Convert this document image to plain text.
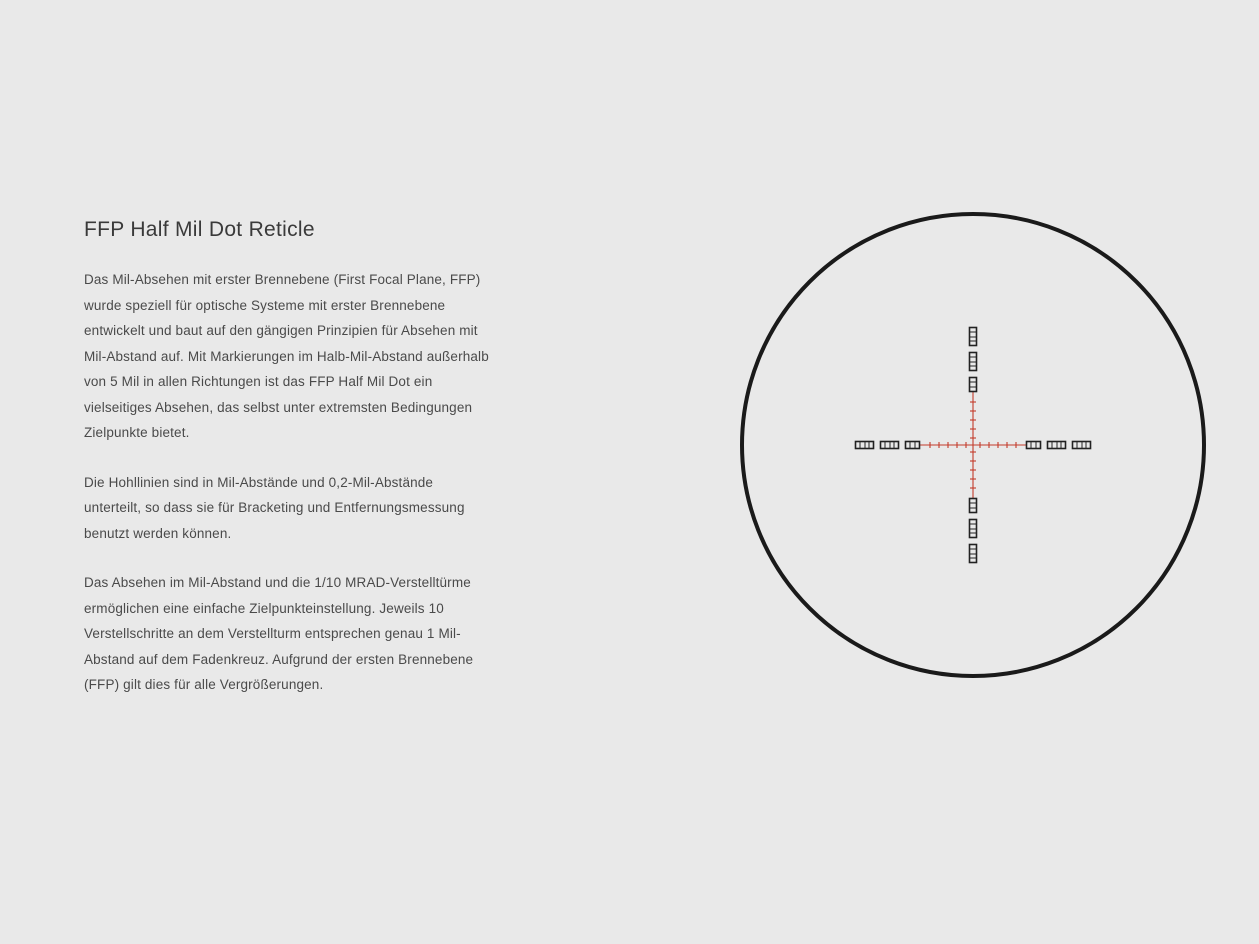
FFP Half Mil Dot Reticle

Das Mil-Absehen mit erster Brennebene (First Focal Plane, FFP) wurde speziell für optische Systeme mit erster Brennebene entwickelt und baut auf den gängigen Prinzipien für Absehen mit Mil-Abstand auf. Mit Markierungen im Halb-Mil-Abstand außerhalb von 5 Mil in allen Richtungen ist das FFP Half Mil Dot ein vielseitiges Absehen, das selbst unter extremsten Bedingungen Zielpunkte bietet.

Die Hohllinien sind in Mil-Abstände und 0,2-Mil-Abstände unterteilt, so dass sie für Bracketing und Entfernungsmessung benutzt werden können.

Das Absehen im Mil-Abstand und die 1/10 MRAD-Verstelltürme ermöglichen eine einfache Zielpunkteinstellung. Jeweils 10 Verstellschritte an dem Verstellturm entsprechen genau 1 Mil-Abstand auf dem Fadenkreuz. Aufgrund der ersten Brennebene (FFP) gilt dies für alle Vergrößerungen.
